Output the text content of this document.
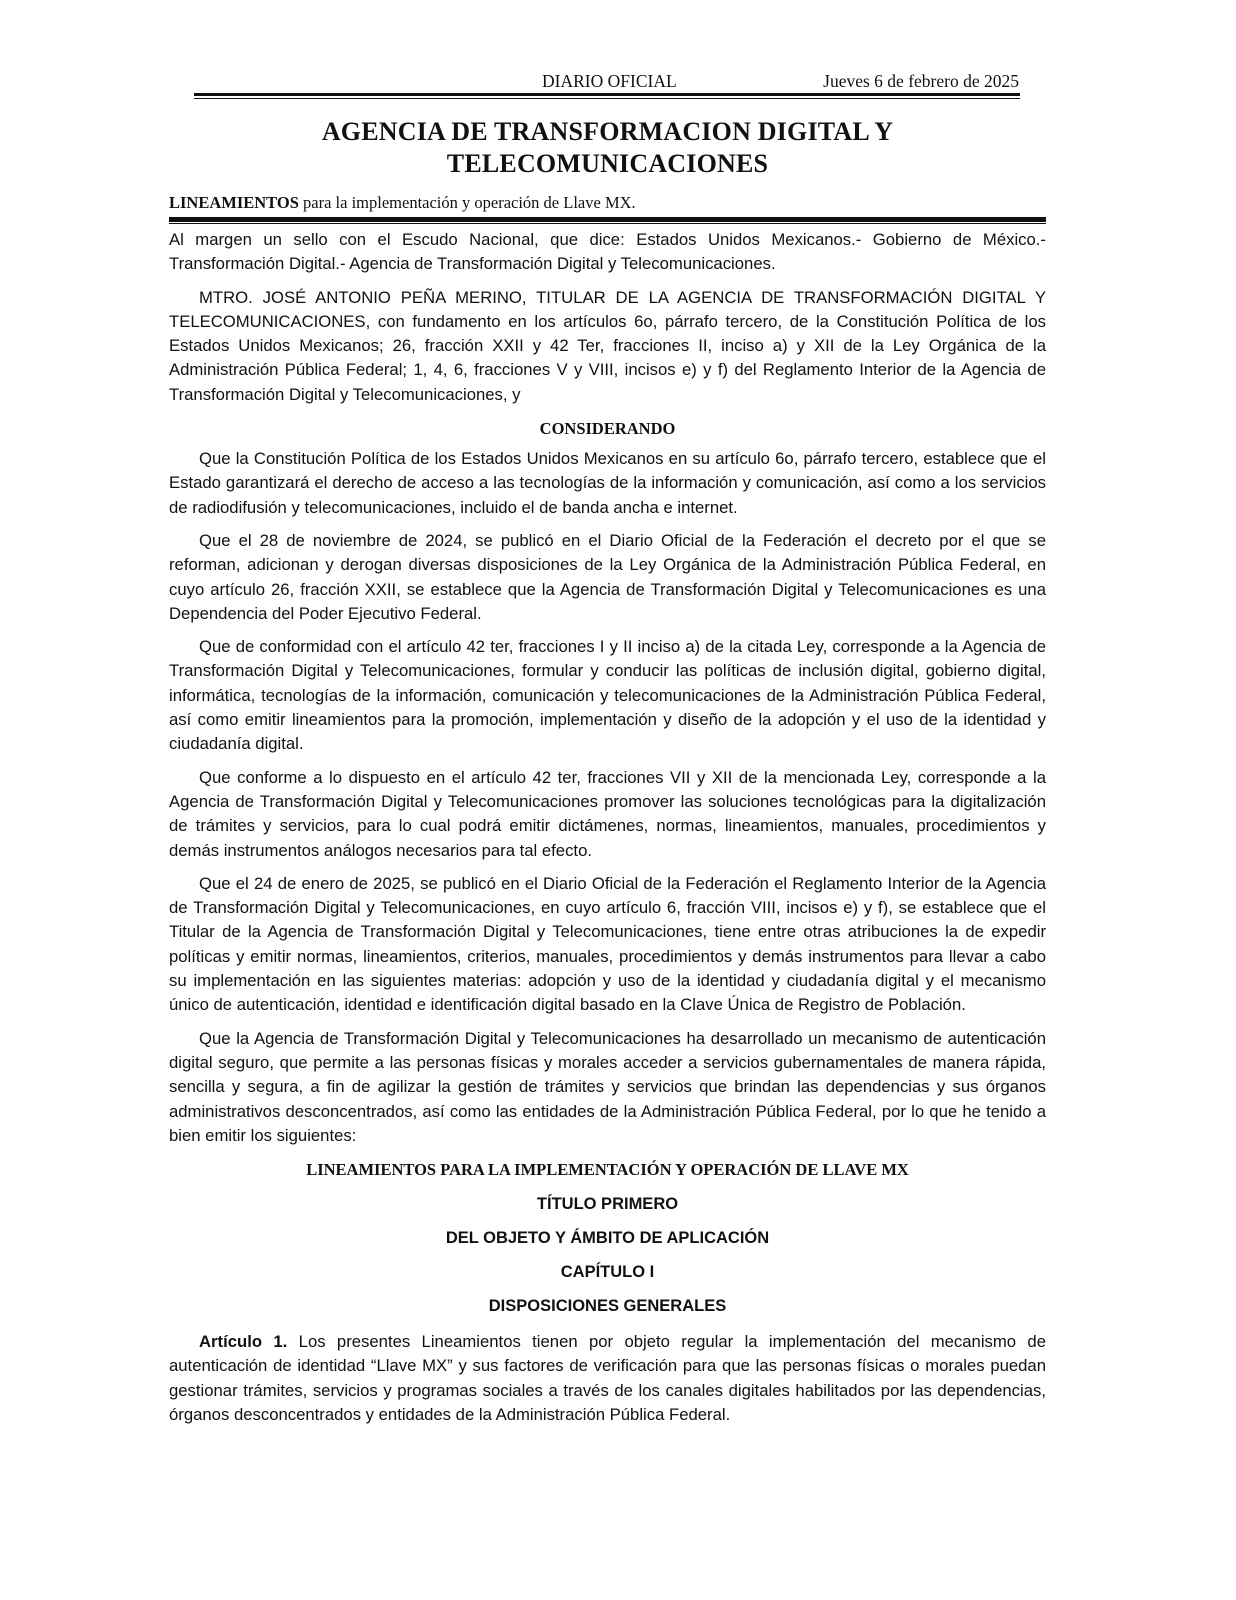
DIARIO OFICIAL	Jueves 6 de febrero de 2025
AGENCIA DE TRANSFORMACION DIGITAL Y
TELECOMUNICACIONES
LINEAMIENTOS para la implementación y operación de Llave MX.

Al margen un sello con el Escudo Nacional, que dice: Estados Unidos Mexicanos.- Gobierno de México.- Transformación Digital.- Agencia de Transformación Digital y Telecomunicaciones.

MTRO. JOSÉ ANTONIO PEÑA MERINO, TITULAR DE LA AGENCIA DE TRANSFORMACIÓN DIGITAL Y TELECOMUNICACIONES, con fundamento en los artículos 6o, párrafo tercero, de la Constitución Política de los Estados Unidos Mexicanos; 26, fracción XXII y 42 Ter, fracciones II, inciso a) y XII de la Ley Orgánica de la Administración Pública Federal; 1, 4, 6, fracciones V y VIII, incisos e) y f) del Reglamento Interior de la Agencia de Transformación Digital y Telecomunicaciones, y

CONSIDERANDO

Que la Constitución Política de los Estados Unidos Mexicanos en su artículo 6o, párrafo tercero, establece que el Estado garantizará el derecho de acceso a las tecnologías de la información y comunicación, así como a los servicios de radiodifusión y telecomunicaciones, incluido el de banda ancha e internet.

Que el 28 de noviembre de 2024, se publicó en el Diario Oficial de la Federación el decreto por el que se reforman, adicionan y derogan diversas disposiciones de la Ley Orgánica de la Administración Pública Federal, en cuyo artículo 26, fracción XXII, se establece que la Agencia de Transformación Digital y Telecomunicaciones es una Dependencia del Poder Ejecutivo Federal.

Que de conformidad con el artículo 42 ter, fracciones I y II inciso a) de la citada Ley, corresponde a la Agencia de Transformación Digital y Telecomunicaciones, formular y conducir las políticas de inclusión digital, gobierno digital, informática, tecnologías de la información, comunicación y telecomunicaciones de la Administración Pública Federal, así como emitir lineamientos para la promoción, implementación y diseño de la adopción y el uso de la identidad y ciudadanía digital.

Que conforme a lo dispuesto en el artículo 42 ter, fracciones VII y XII de la mencionada Ley, corresponde a la Agencia de Transformación Digital y Telecomunicaciones promover las soluciones tecnológicas para la digitalización de trámites y servicios, para lo cual podrá emitir dictámenes, normas, lineamientos, manuales, procedimientos y demás instrumentos análogos necesarios para tal efecto.

Que el 24 de enero de 2025, se publicó en el Diario Oficial de la Federación el Reglamento Interior de la Agencia de Transformación Digital y Telecomunicaciones, en cuyo artículo 6, fracción VIII, incisos e) y f), se establece que el Titular de la Agencia de Transformación Digital y Telecomunicaciones, tiene entre otras atribuciones la de expedir políticas y emitir normas, lineamientos, criterios, manuales, procedimientos y demás instrumentos para llevar a cabo su implementación en las siguientes materias: adopción y uso de la identidad y ciudadanía digital y el mecanismo único de autenticación, identidad e identificación digital basado en la Clave Única de Registro de Población.

Que la Agencia de Transformación Digital y Telecomunicaciones ha desarrollado un mecanismo de autenticación digital seguro, que permite a las personas físicas y morales acceder a servicios gubernamentales de manera rápida, sencilla y segura, a fin de agilizar la gestión de trámites y servicios que brindan las dependencias y sus órganos administrativos desconcentrados, así como las entidades de la Administración Pública Federal, por lo que he tenido a bien emitir los siguientes:

LINEAMIENTOS PARA LA IMPLEMENTACIÓN Y OPERACIÓN DE LLAVE MX
TÍTULO PRIMERO
DEL OBJETO Y ÁMBITO DE APLICACIÓN
CAPÍTULO I
DISPOSICIONES GENERALES

Artículo 1. Los presentes Lineamientos tienen por objeto regular la implementación del mecanismo de autenticación de identidad “Llave MX” y sus factores de verificación para que las personas físicas o morales puedan gestionar trámites, servicios y programas sociales a través de los canales digitales habilitados por las dependencias, órganos desconcentrados y entidades de la Administración Pública Federal.
